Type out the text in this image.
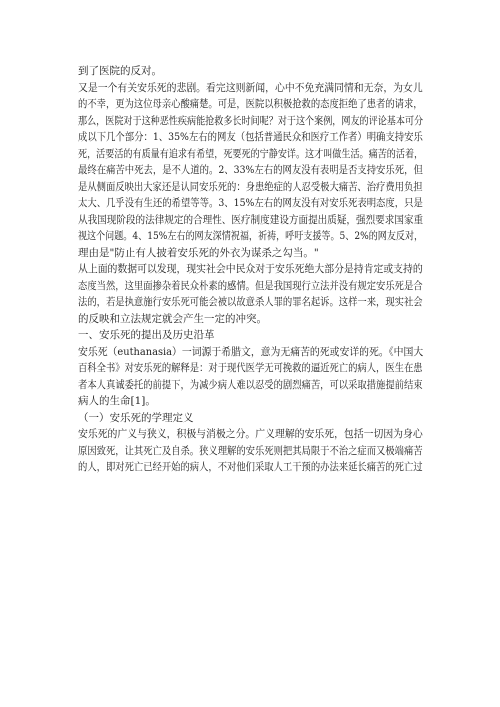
到了医院的反对。
又是一个有关安乐死的悲剧。看完这则新闻，心中不免充满同情和无奈，为女儿
的不幸，更为这位母亲心酸痛楚。可是，医院以积极抢救的态度拒绝了患者的请求，
那么，医院对于这种恶性疾病能抢救多长时间呢？对于这个案例，网友的评论基本可分
成以下几个部分：1、35%左右的网友（包括普通民众和医疗工作者）明确支持安乐
死，活要活的有质量有追求有希望，死要死的宁静安详。这才叫做生活。痛苦的活着，
最终在痛苦中死去，是不人道的。2、33%左右的网友没有表明是否支持安乐死，但
是从侧面反映出大家还是认同安乐死的：身患绝症的人忍受极大痛苦、治疗费用负担
太大、几乎没有生还的希望等等。3、15%左右的网友没有对安乐死表明态度，只是
从我国现阶段的法律规定的合理性、医疗制度建设方面提出质疑，强烈要求国家重
视这个问题。4、15%左右的网友深情祝福，祈祷，呼吁支援等。5、2%的网友反对，
理由是"防止有人披着安乐死的外衣为谋杀之勾当。"
从上面的数据可以发现，现实社会中民众对于安乐死绝大部分是持肯定或支持的
态度当然，这里面掺杂着民众朴素的感情。但是我国现行立法并没有规定安乐死是合
法的，若是执意施行安乐死可能会被以故意杀人罪的罪名起诉。这样一来，现实社会
的反映和立法规定就会产生一定的冲突。
一、安乐死的提出及历史沿革
安乐死（euthanasia）一词源于希腊文，意为无痛苦的死或安详的死。《中国大
百科全书》对安乐死的解释是：对于现代医学无可挽救的逼近死亡的病人，医生在患
者本人真诚委托的前提下，为减少病人难以忍受的剧烈痛苦，可以采取措施提前结束
病人的生命[1]。
（一）安乐死的学理定义
安乐死的广义与狭义，积极与消极之分。广义理解的安乐死，包括一切因为身心
原因致死，让其死亡及自杀。狭义理解的安乐死则把其局限于不治之症而又极端痛苦
的人，即对死亡已经开始的病人，不对他们采取人工干预的办法来延长痛苦的死亡过
